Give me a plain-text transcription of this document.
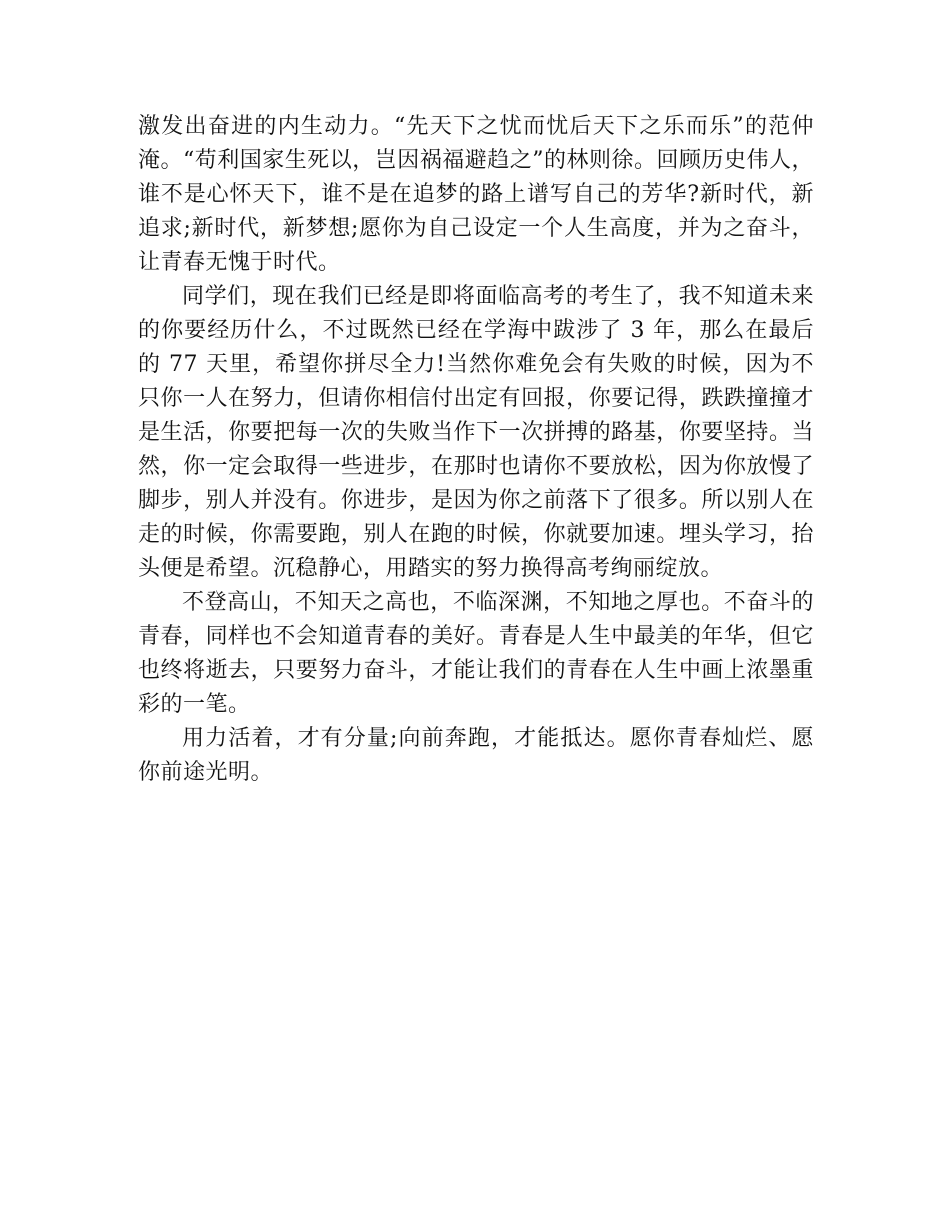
激发出奋进的内生动力。“先天下之忧而忧后天下之乐而乐”的范仲淹。“苟利国家生死以，岂因祸福避趋之”的林则徐。回顾历史伟人，谁不是心怀天下，谁不是在追梦的路上谱写自己的芳华?新时代，新追求;新时代，新梦想;愿你为自己设定一个人生高度，并为之奋斗，让青春无愧于时代。

同学们，现在我们已经是即将面临高考的考生了，我不知道未来的你要经历什么，不过既然已经在学海中跋涉了 3 年，那么在最后的 77 天里，希望你拼尽全力!当然你难免会有失败的时候，因为不只你一人在努力，但请你相信付出定有回报，你要记得，跌跌撞撞才是生活，你要把每一次的失败当作下一次拼搏的路基，你要坚持。当然，你一定会取得一些进步，在那时也请你不要放松，因为你放慢了脚步，别人并没有。你进步，是因为你之前落下了很多。所以别人在走的时候，你需要跑，别人在跑的时候，你就要加速。埋头学习，抬头便是希望。沉稳静心，用踏实的努力换得高考绚丽绽放。

不登高山，不知天之高也，不临深渊，不知地之厚也。不奋斗的青春，同样也不会知道青春的美好。青春是人生中最美的年华，但它也终将逝去，只要努力奋斗，才能让我们的青春在人生中画上浓墨重彩的一笔。

用力活着，才有分量;向前奔跑，才能抵达。愿你青春灿烂、愿你前途光明。
